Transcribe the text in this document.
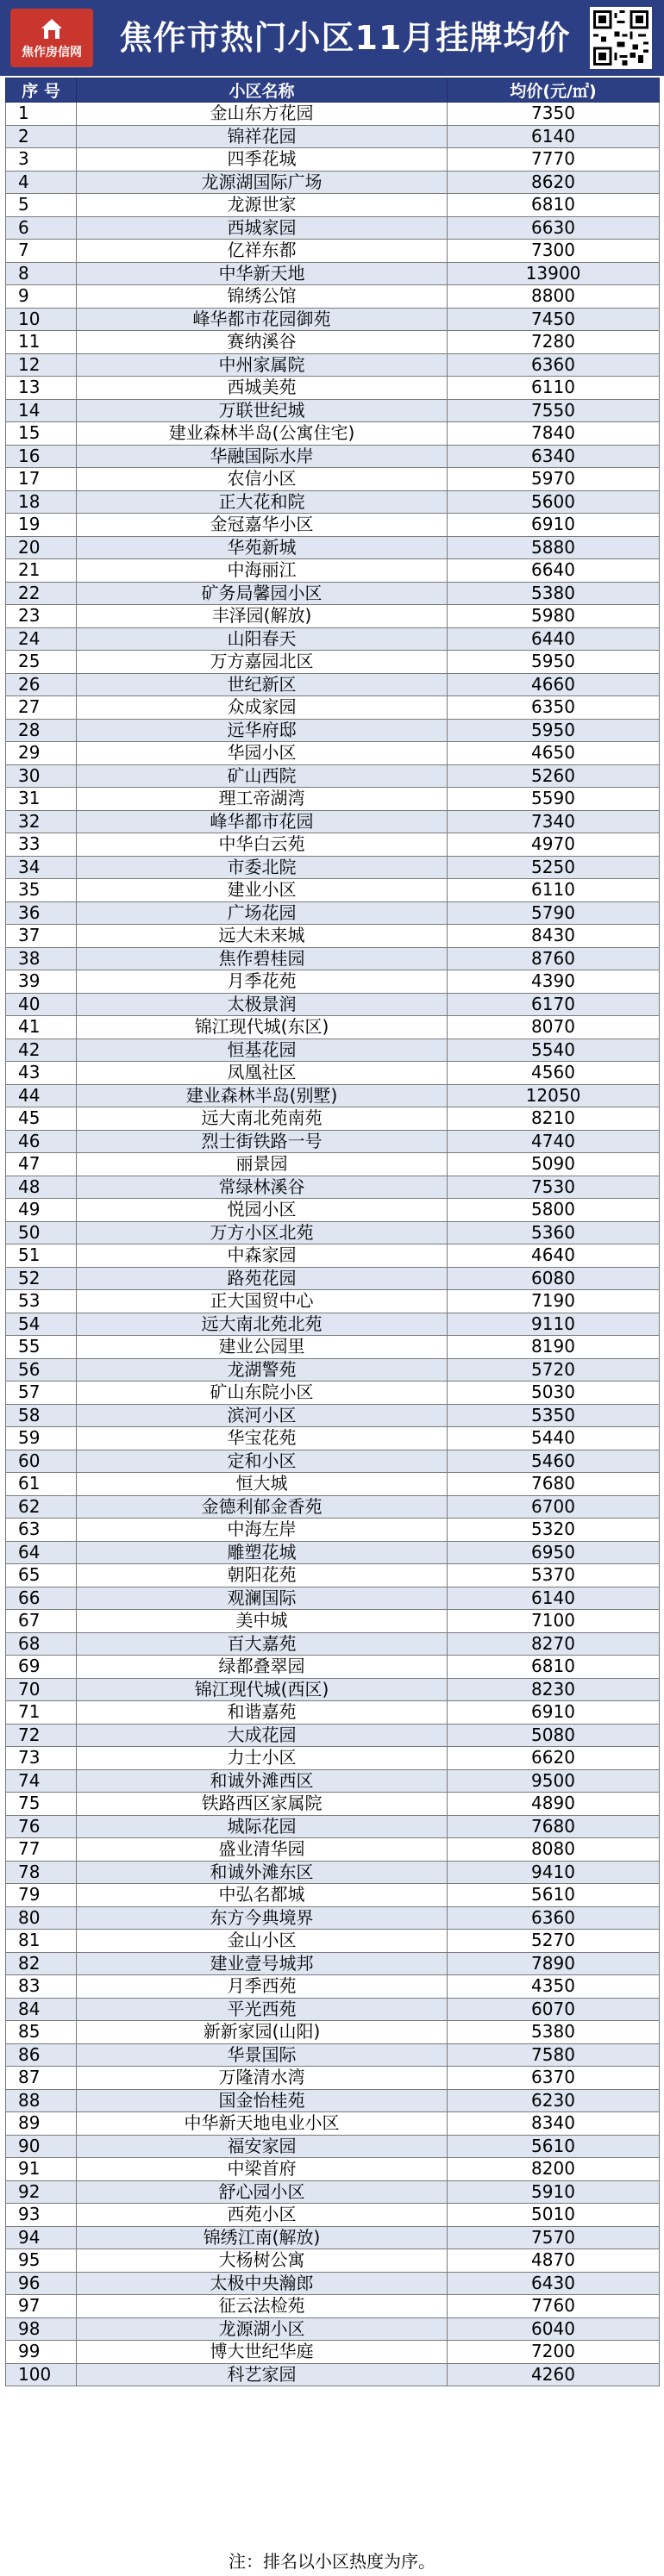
焦作房信网 焦作市热门小区11月挂牌均价
序 号	小区名称	均价(元/㎡)
1	金山东方花园	7350
2	锦祥花园	6140
3	四季花城	7770
4	龙源湖国际广场	8620
5	龙源世家	6810
6	西城家园	6630
7	亿祥东都	7300
8	中华新天地	13900
9	锦绣公馆	8800
10	峰华都市花园御苑	7450
11	赛纳溪谷	7280
12	中州家属院	6360
13	西城美苑	6110
14	万联世纪城	7550
15	建业森林半岛(公寓住宅)	7840
16	华融国际水岸	6340
17	农信小区	5970
18	正大花和院	5600
19	金冠嘉华小区	6910
20	华苑新城	5880
21	中海丽江	6640
22	矿务局馨园小区	5380
23	丰泽园(解放)	5980
24	山阳春天	6440
25	万方嘉园北区	5950
26	世纪新区	4660
27	众成家园	6350
28	远华府邸	5950
29	华园小区	4650
30	矿山西院	5260
31	理工帝湖湾	5590
32	峰华都市花园	7340
33	中华白云苑	4970
34	市委北院	5250
35	建业小区	6110
36	广场花园	5790
37	远大未来城	8430
38	焦作碧桂园	8760
39	月季花苑	4390
40	太极景润	6170
41	锦江现代城(东区)	8070
42	恒基花园	5540
43	凤凰社区	4560
44	建业森林半岛(别墅)	12050
45	远大南北苑南苑	8210
46	烈士街铁路一号	4740
47	丽景园	5090
48	常绿林溪谷	7530
49	悦园小区	5800
50	万方小区北苑	5360
51	中森家园	4640
52	路苑花园	6080
53	正大国贸中心	7190
54	远大南北苑北苑	9110
55	建业公园里	8190
56	龙湖警苑	5720
57	矿山东院小区	5030
58	滨河小区	5350
59	华宝花苑	5440
60	定和小区	5460
61	恒大城	7680
62	金德利郁金香苑	6700
63	中海左岸	5320
64	雕塑花城	6950
65	朝阳花苑	5370
66	观澜国际	6140
67	美中城	7100
68	百大嘉苑	8270
69	绿都叠翠园	6810
70	锦江现代城(西区)	8230
71	和谐嘉苑	6910
72	大成花园	5080
73	力士小区	6620
74	和诚外滩西区	9500
75	铁路西区家属院	4890
76	城际花园	7680
77	盛业清华园	8080
78	和诚外滩东区	9410
79	中弘名都城	5610
80	东方今典境界	6360
81	金山小区	5270
82	建业壹号城邦	7890
83	月季西苑	4350
84	平光西苑	6070
85	新新家园(山阳)	5380
86	华景国际	7580
87	万隆清水湾	6370
88	国金怡桂苑	6230
89	中华新天地电业小区	8340
90	福安家园	5610
91	中梁首府	8200
92	舒心园小区	5910
93	西苑小区	5010
94	锦绣江南(解放)	7570
95	大杨树公寓	4870
96	太极中央瀚郎	6430
97	征云法检苑	7760
98	龙源湖小区	6040
99	博大世纪华庭	7200
100	科艺家园	4260
注：排名以小区热度为序。
